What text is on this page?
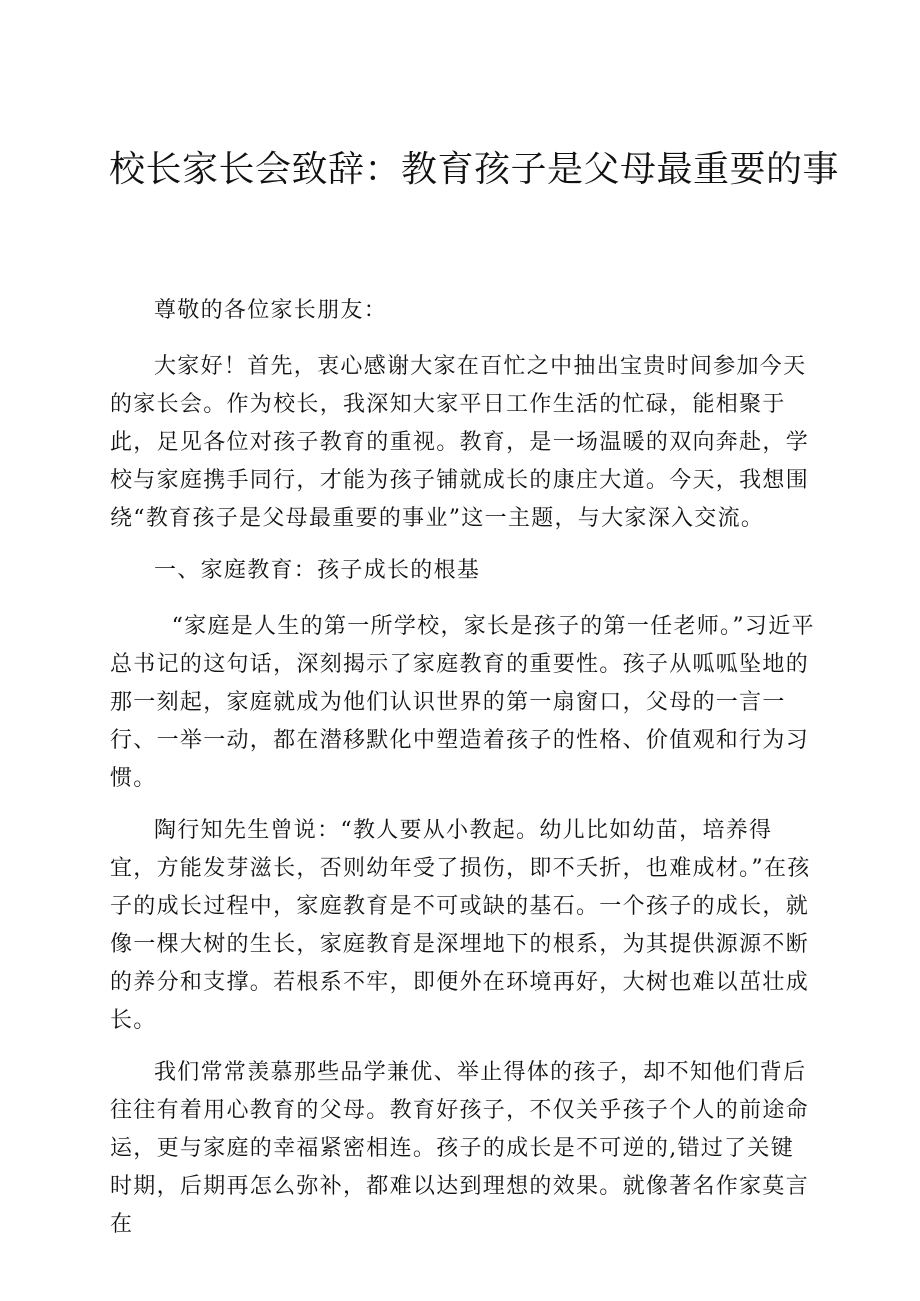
校长家长会致辞：教育孩子是父母最重要的事

尊敬的各位家长朋友：

大家好！首先，衷心感谢大家在百忙之中抽出宝贵时间参加今天的家长会。作为校长，我深知大家平日工作生活的忙碌，能相聚于此，足见各位对孩子教育的重视。教育，是一场温暖的双向奔赴，学校与家庭携手同行，才能为孩子铺就成长的康庄大道。今天，我想围绕“教育孩子是父母最重要的事业”这一主题，与大家深入交流。

一、家庭教育：孩子成长的根基

“家庭是人生的第一所学校，家长是孩子的第一任老师。”习近平总书记的这句话，深刻揭示了家庭教育的重要性。孩子从呱呱坠地的那一刻起，家庭就成为他们认识世界的第一扇窗口，父母的一言一行、一举一动，都在潜移默化中塑造着孩子的性格、价值观和行为习惯。

陶行知先生曾说：“教人要从小教起。幼儿比如幼苗，培养得宜，方能发芽滋长，否则幼年受了损伤，即不夭折，也难成材。”在孩子的成长过程中，家庭教育是不可或缺的基石。一个孩子的成长，就像一棵大树的生长，家庭教育是深埋地下的根系，为其提供源源不断的养分和支撑。若根系不牢，即便外在环境再好，大树也难以茁壮成长。

我们常常羡慕那些品学兼优、举止得体的孩子，却不知他们背后往往有着用心教育的父母。教育好孩子，不仅关乎孩子个人的前途命运，更与家庭的幸福紧密相连。孩子的成长是不可逆的,错过了关键时期，后期再怎么弥补，都难以达到理想的效果。就像著名作家莫言在
